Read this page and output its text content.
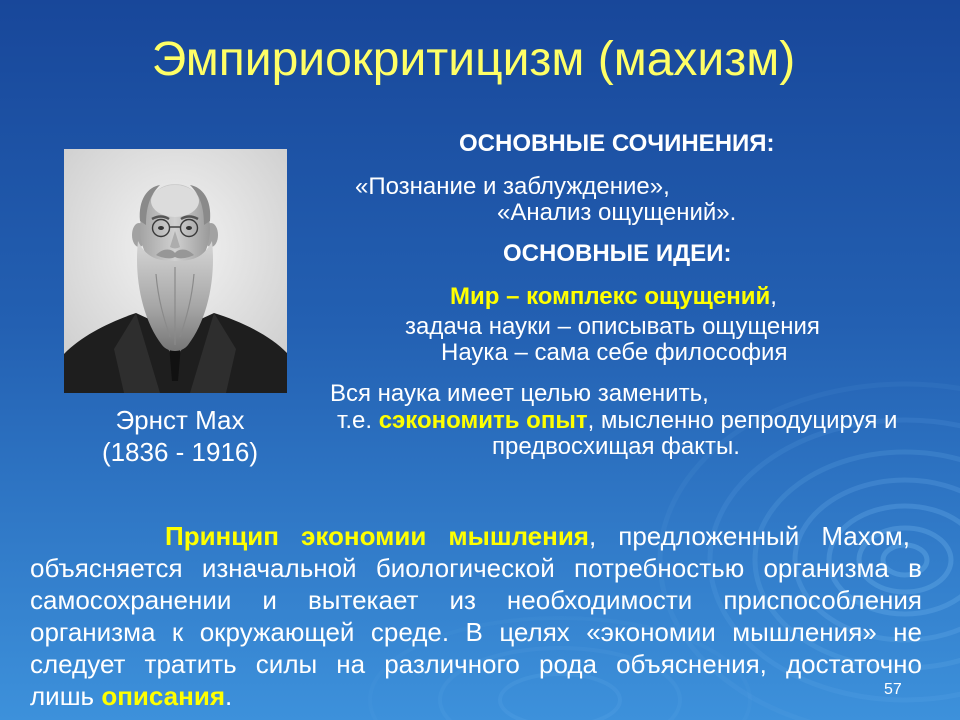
Эмпириокритицизм (махизм)
Эрнст Мах
(1836 - 1916)
ОСНОВНЫЕ СОЧИНЕНИЯ:
«Познание и заблуждение»,
«Анализ ощущений».
ОСНОВНЫЕ ИДЕИ:
Мир – комплекс ощущений,
задача науки – описывать ощущения
Наука – сама себе философия
Вся наука имеет целью заменить,
т.е. сэкономить опыт, мысленно репродуцируя и
предвосхищая факты.
Принцип экономии мышления, предложенный Махом,
объясняется изначальной биологической потребностью организма в
самосохранении и вытекает из необходимости приспособления
организма к окружающей среде. В целях «экономии мышления» не
следует тратить силы на различного рода объяснения, достаточно
лишь описания.	57
